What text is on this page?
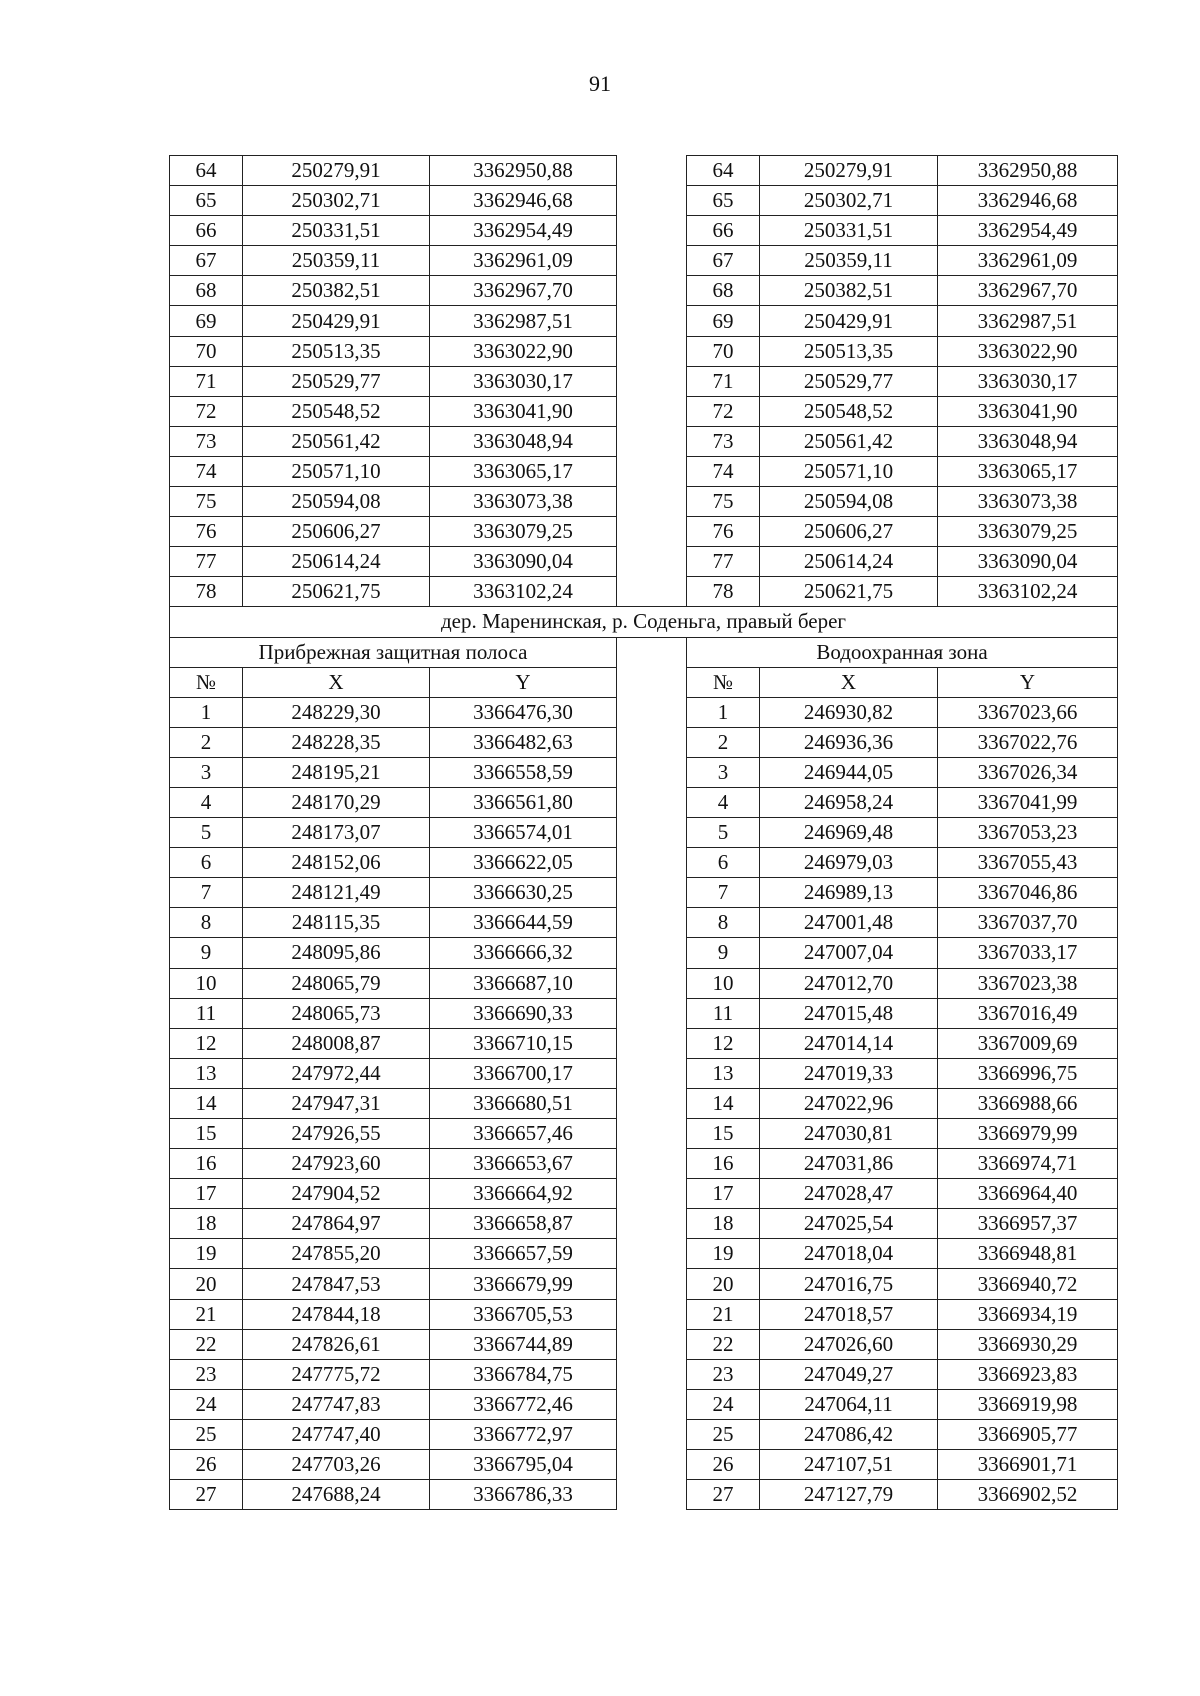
91
64	250279,91	3362950,88		64	250279,91	3362950,88
65	250302,71	3362946,68		65	250302,71	3362946,68
66	250331,51	3362954,49		66	250331,51	3362954,49
67	250359,11	3362961,09		67	250359,11	3362961,09
68	250382,51	3362967,70		68	250382,51	3362967,70
69	250429,91	3362987,51		69	250429,91	3362987,51
70	250513,35	3363022,90		70	250513,35	3363022,90
71	250529,77	3363030,17		71	250529,77	3363030,17
72	250548,52	3363041,90		72	250548,52	3363041,90
73	250561,42	3363048,94		73	250561,42	3363048,94
74	250571,10	3363065,17		74	250571,10	3363065,17
75	250594,08	3363073,38		75	250594,08	3363073,38
76	250606,27	3363079,25		76	250606,27	3363079,25
77	250614,24	3363090,04		77	250614,24	3363090,04
78	250621,75	3363102,24		78	250621,75	3363102,24
дер. Маренинская, р. Соденьга, правый берег						
Прибрежная защитная полоса				Водоохранная зона		
№	X	Y		№	X	Y
1	248229,30	3366476,30		1	246930,82	3367023,66
2	248228,35	3366482,63		2	246936,36	3367022,76
3	248195,21	3366558,59		3	246944,05	3367026,34
4	248170,29	3366561,80		4	246958,24	3367041,99
5	248173,07	3366574,01		5	246969,48	3367053,23
6	248152,06	3366622,05		6	246979,03	3367055,43
7	248121,49	3366630,25		7	246989,13	3367046,86
8	248115,35	3366644,59		8	247001,48	3367037,70
9	248095,86	3366666,32		9	247007,04	3367033,17
10	248065,79	3366687,10		10	247012,70	3367023,38
11	248065,73	3366690,33		11	247015,48	3367016,49
12	248008,87	3366710,15		12	247014,14	3367009,69
13	247972,44	3366700,17		13	247019,33	3366996,75
14	247947,31	3366680,51		14	247022,96	3366988,66
15	247926,55	3366657,46		15	247030,81	3366979,99
16	247923,60	3366653,67		16	247031,86	3366974,71
17	247904,52	3366664,92		17	247028,47	3366964,40
18	247864,97	3366658,87		18	247025,54	3366957,37
19	247855,20	3366657,59		19	247018,04	3366948,81
20	247847,53	3366679,99		20	247016,75	3366940,72
21	247844,18	3366705,53		21	247018,57	3366934,19
22	247826,61	3366744,89		22	247026,60	3366930,29
23	247775,72	3366784,75		23	247049,27	3366923,83
24	247747,83	3366772,46		24	247064,11	3366919,98
25	247747,40	3366772,97		25	247086,42	3366905,77
26	247703,26	3366795,04		26	247107,51	3366901,71
27	247688,24	3366786,33		27	247127,79	3366902,52
